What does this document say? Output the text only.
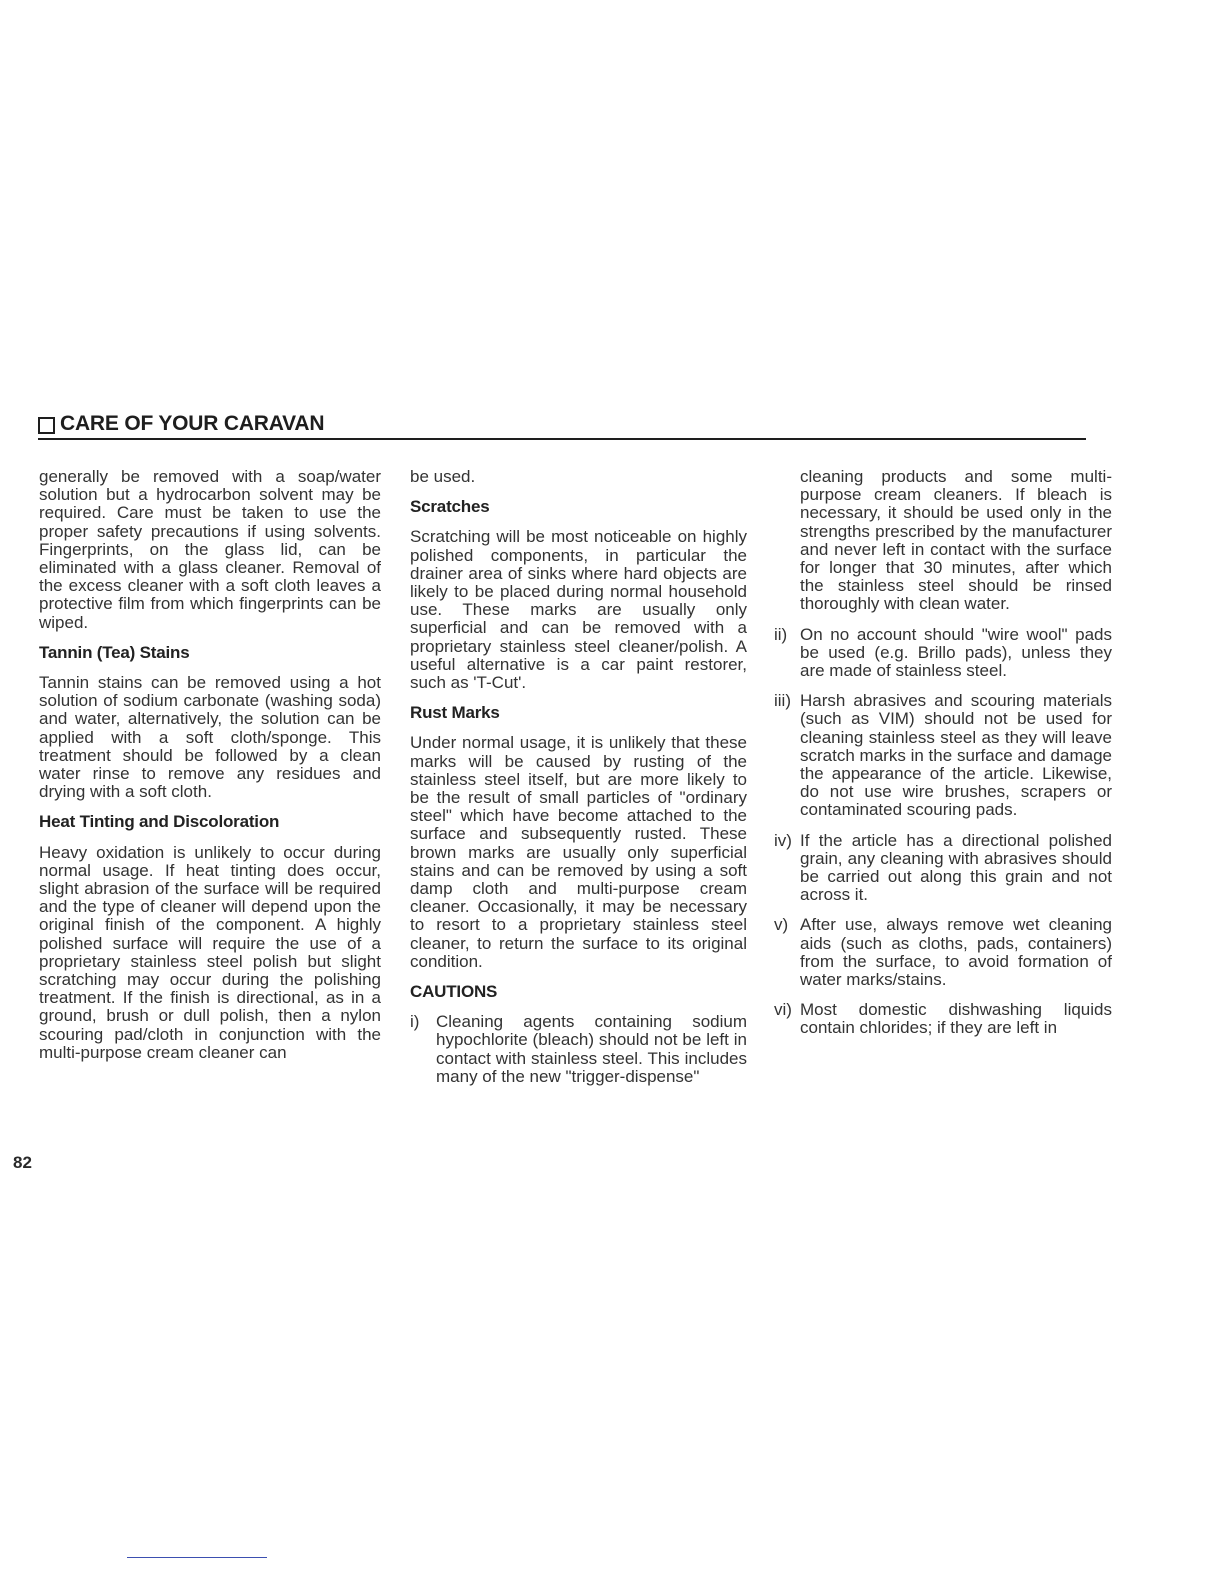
CARE OF YOUR CARAVAN

generally be removed with a soap/water solution but a hydrocarbon solvent may be required. Care must be taken to use the proper safety precautions if using solvents. Fingerprints, on the glass lid, can be eliminated with a glass cleaner. Removal of the excess cleaner with a soft cloth leaves a protective film from which fingerprints can be wiped.

Tannin (Tea) Stains

Tannin stains can be removed using a hot solution of sodium carbonate (washing soda) and water, alternatively, the solution can be applied with a soft cloth/sponge. This treatment should be followed by a clean water rinse to remove any residues and drying with a soft cloth.

Heat Tinting and Discoloration

Heavy oxidation is unlikely to occur during normal usage. If heat tinting does occur, slight abrasion of the surface will be required and the type of cleaner will depend upon the original finish of the component. A highly polished surface will require the use of a proprietary stainless steel polish but slight scratching may occur during the polishing treatment. If the finish is directional, as in a ground, brush or dull polish, then a nylon scouring pad/cloth in conjunction with the multi-purpose cream cleaner can

be used.

Scratches

Scratching will be most noticeable on highly polished components, in particular the drainer area of sinks where hard objects are likely to be placed during normal household use. These marks are usually only superficial and can be removed with a proprietary stainless steel cleaner/polish. A useful alternative is a car paint restorer, such as 'T-Cut'.

Rust Marks

Under normal usage, it is unlikely that these marks will be caused by rusting of the stainless steel itself, but are more likely to be the result of small particles of "ordinary steel" which have become attached to the surface and subsequently rusted. These brown marks are usually only superficial stains and can be removed by using a soft damp cloth and multi-purpose cream cleaner. Occasionally, it may be necessary to resort to a proprietary stainless steel cleaner, to return the surface to its original condition.

CAUTIONS
i) Cleaning agents containing sodium hypochlorite (bleach) should not be left in contact with stainless steel. This includes many of the new "trigger-dispense"
cleaning products and some multi-purpose cream cleaners. If bleach is necessary, it should be used only in the strengths prescribed by the manufacturer and never left in contact with the surface for longer that 30 minutes, after which the stainless steel should be rinsed thoroughly with clean water.
ii) On no account should "wire wool" pads be used (e.g. Brillo pads), unless they are made of stainless steel.
iii) Harsh abrasives and scouring materials (such as VIM) should not be used for cleaning stainless steel as they will leave scratch marks in the surface and damage the appearance of the article. Likewise, do not use wire brushes, scrapers or contaminated scouring pads.
iv) If the article has a directional polished grain, any cleaning with abrasives should be carried out along this grain and not across it.
v) After use, always remove wet cleaning aids (such as cloths, pads, containers) from the surface, to avoid formation of water marks/stains.
vi) Most domestic dishwashing liquids contain chlorides; if they are left in
82
